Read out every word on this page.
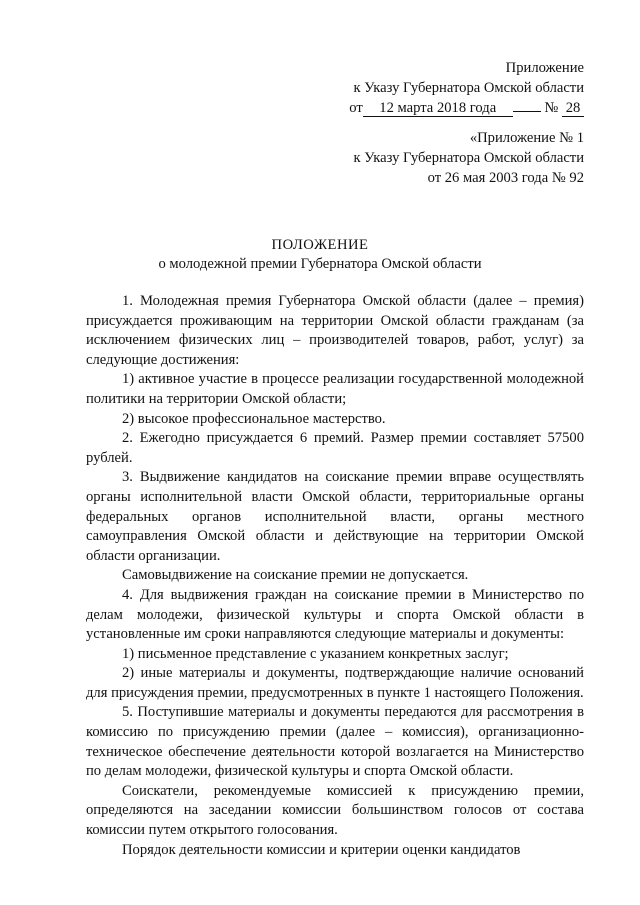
Приложение
к Указу Губернатора Омской области
от 12 марта 2018 года	№ 28
«Приложение № 1
к Указу Губернатора Омской области
от 26 мая 2003 года № 92
ПОЛОЖЕНИЕ
о молодежной премии Губернатора Омской области

1. Молодежная премия Губернатора Омской области (далее – премия) присуждается проживающим на территории Омской области гражданам (за исключением физических лиц – производителей товаров, работ, услуг) за следующие достижения:

1) активное участие в процессе реализации государственной молодежной политики на территории Омской области;

2) высокое профессиональное мастерство.

2. Ежегодно присуждается 6 премий. Размер премии составляет 57500 рублей.

3. Выдвижение кандидатов на соискание премии вправе осуществлять органы исполнительной власти Омской области, территориальные органы федеральных органов исполнительной власти, органы местного самоуправления Омской области и действующие на территории Омской области организации.

Самовыдвижение на соискание премии не допускается.

4. Для выдвижения граждан на соискание премии в Министерство по делам молодежи, физической культуры и спорта Омской области в установленные им сроки направляются следующие материалы и документы:

1) письменное представление с указанием конкретных заслуг;

2) иные материалы и документы, подтверждающие наличие оснований для присуждения премии, предусмотренных в пункте 1 настоящего Положения.

5. Поступившие материалы и документы передаются для рассмотрения в комиссию по присуждению премии (далее – комиссия), организационно-техническое обеспечение деятельности которой возлагается на Министерство по делам молодежи, физической культуры и спорта Омской области.

Соискатели, рекомендуемые комиссией к присуждению премии, определяются на заседании комиссии большинством голосов от состава комиссии путем открытого голосования.

Порядок деятельности комиссии и критерии оценки кандидатов
